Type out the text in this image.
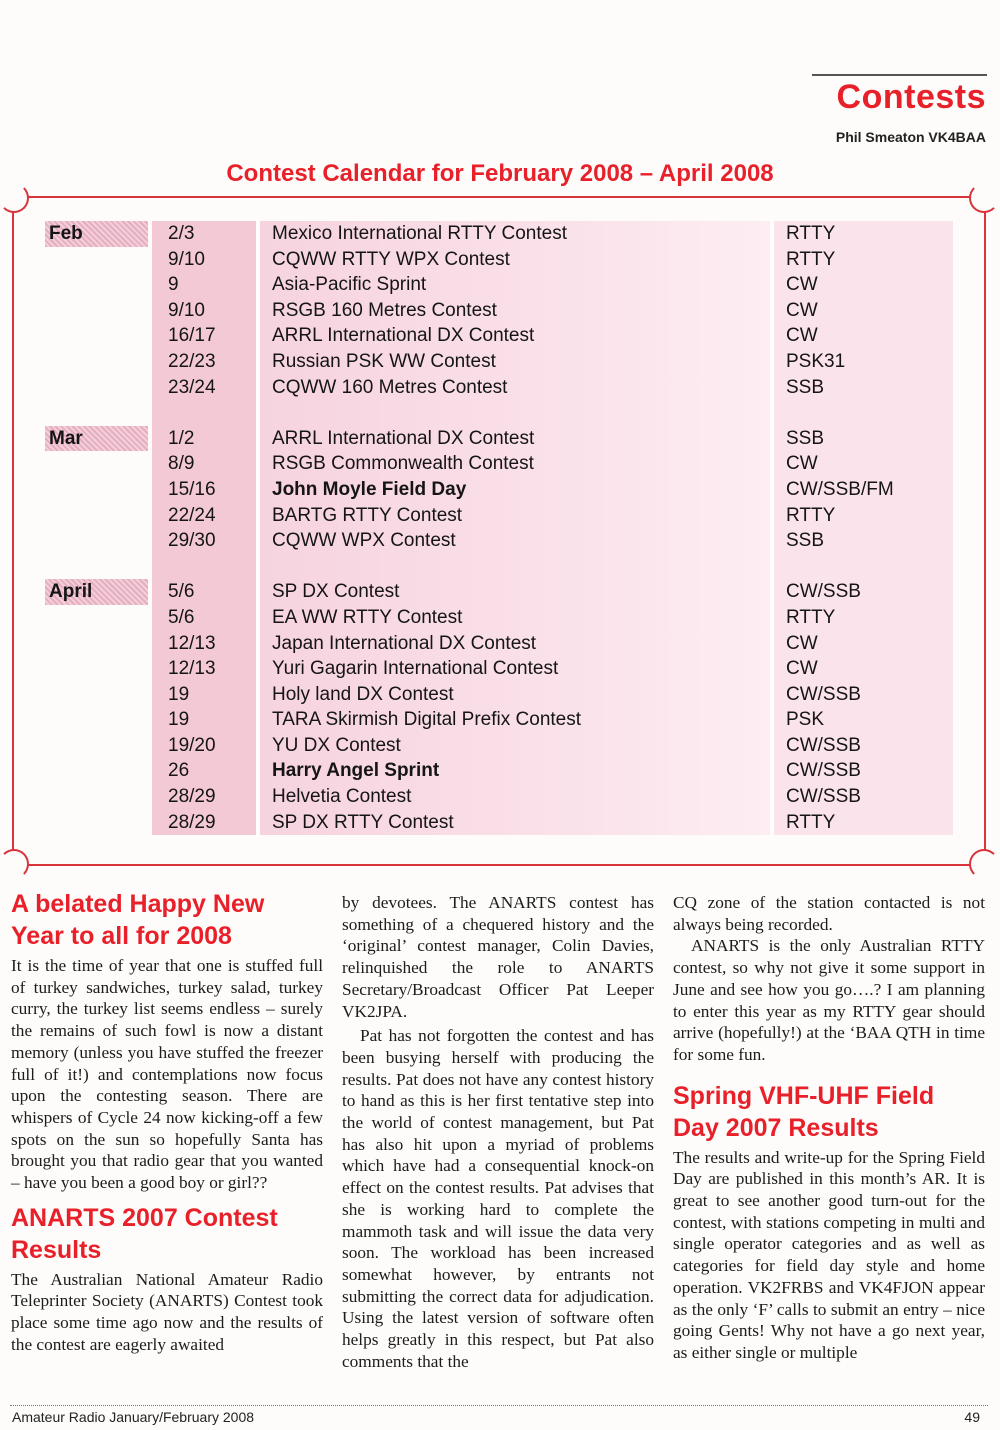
Contests
Phil Smeaton VK4BAA
Contest Calendar for February 2008 – April 2008
Feb	2/3	Mexico International RTTY Contest	RTTY
9/10	CQWW RTTY WPX Contest	RTTY
9	Asia-Pacific Sprint	CW
9/10	RSGB 160 Metres Contest	CW
16/17	ARRL International DX Contest	CW
22/23	Russian PSK WW Contest	PSK31
23/24	CQWW 160 Metres Contest	SSB
Mar	1/2	ARRL International DX Contest	SSB
8/9	RSGB Commonwealth Contest	CW
15/16	John Moyle Field Day	CW/SSB/FM
22/24	BARTG RTTY Contest	RTTY
29/30	CQWW WPX Contest	SSB
April	5/6	SP DX Contest	CW/SSB
5/6	EA WW RTTY Contest	RTTY
12/13	Japan International DX Contest	CW
12/13	Yuri Gagarin International Contest	CW
19	Holy land DX Contest	CW/SSB
19	TARA Skirmish Digital Prefix Contest	PSK
19/20	YU DX Contest	CW/SSB
26	Harry Angel Sprint	CW/SSB
28/29	Helvetia Contest	CW/SSB
28/29	SP DX RTTY Contest	RTTY
A belated Happy New Year to all for 2008

It is the time of year that one is stuffed full of turkey sandwiches, turkey salad, turkey curry, the turkey list seems endless – surely the remains of such fowl is now a distant memory (unless you have stuffed the freezer full of it!) and contemplations now focus upon the contesting season. There are whispers of Cycle 24 now kicking-off a few spots on the sun so hopefully Santa has brought you that radio gear that you wanted – have you been a good boy or girl??

ANARTS 2007 Contest Results

The Australian National Amateur Radio Teleprinter Society (ANARTS) Contest took place some time ago now and the results of the contest are eagerly awaited

by devotees. The ANARTS contest has something of a chequered history and the ‘original’ contest manager, Colin Davies, relinquished the role to ANARTS Secretary/Broadcast Officer Pat Leeper VK2JPA.

Pat has not forgotten the contest and has been busying herself with producing the results. Pat does not have any contest history to hand as this is her first tentative step into the world of contest management, but Pat has also hit upon a myriad of problems which have had a consequential knock-on effect on the contest results. Pat advises that she is working hard to complete the mammoth task and will issue the data very soon. The workload has been increased somewhat however, by entrants not submitting the correct data for adjudication. Using the latest version of software often helps greatly in this respect, but Pat also comments that the

CQ zone of the station contacted is not always being recorded.

ANARTS is the only Australian RTTY contest, so why not give it some support in June and see how you go….? I am planning to enter this year as my RTTY gear should arrive (hopefully!) at the ‘BAA QTH in time for some fun.

Spring VHF-UHF Field Day 2007 Results

The results and write-up for the Spring Field Day are published in this month’s AR. It is great to see another good turn-out for the contest, with stations competing in multi and single operator categories and as well as categories for field day style and home operation. VK2FRBS and VK4FJON appear as the only ‘F’ calls to submit an entry – nice going Gents! Why not have a go next year, as either single or multiple

Amateur Radio January/February 2008	49
